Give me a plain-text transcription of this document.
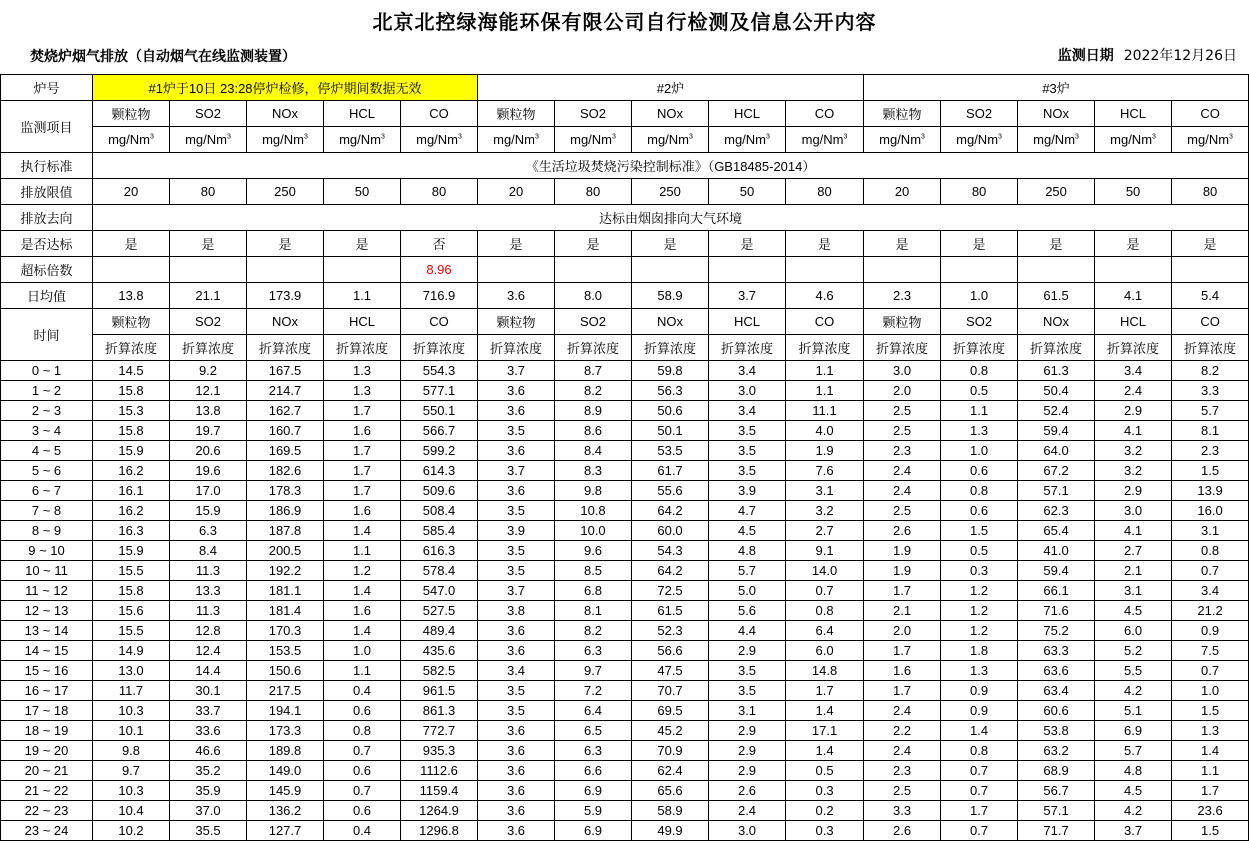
北京北控绿海能环保有限公司自行检测及信息公开内容
焚烧炉烟气排放（自动烟气在线监测装置）	监测日期 2022年12月26日
炉号	#1炉于10日 23:28停炉检修，停炉期间数据无效					#2炉					#3炉				
监测项目	颗粒物	SO2	NOx	HCL	CO	颗粒物	SO2	NOx	HCL	CO	颗粒物	SO2	NOx	HCL	CO
	mg/Nm$^3$	mg/Nm$^3$	mg/Nm$^3$	mg/Nm$^3$	mg/Nm$^3$	mg/Nm$^3$	mg/Nm$^3$	mg/Nm$^3$	mg/Nm$^3$	mg/Nm$^3$	mg/Nm$^3$	mg/Nm$^3$	mg/Nm$^3$	mg/Nm$^3$	mg/Nm$^3$
执行标准	《生活垃圾焚烧污染控制标准》（GB18485-2014）														
排放限值	20	80	250	50	80	20	80	250	50	80	20	80	250	50	80
排放去向	达标由烟囱排向大气环境														
是否达标	是	是	是	是	否	是	是	是	是	是	是	是	是	是	是
超标倍数					8.96										
日均值	13.8	21.1	173.9	1.1	716.9	3.6	8.0	58.9	3.7	4.6	2.3	1.0	61.5	4.1	5.4
时间	颗粒物	SO2	NOx	HCL	CO	颗粒物	SO2	NOx	HCL	CO	颗粒物	SO2	NOx	HCL	CO
	折算浓度	折算浓度	折算浓度	折算浓度	折算浓度	折算浓度	折算浓度	折算浓度	折算浓度	折算浓度	折算浓度	折算浓度	折算浓度	折算浓度	折算浓度
0 ~ 1	14.5	9.2	167.5	1.3	554.3	3.7	8.7	59.8	3.4	1.1	3.0	0.8	61.3	3.4	8.2
1 ~ 2	15.8	12.1	214.7	1.3	577.1	3.6	8.2	56.3	3.0	1.1	2.0	0.5	50.4	2.4	3.3
2 ~ 3	15.3	13.8	162.7	1.7	550.1	3.6	8.9	50.6	3.4	11.1	2.5	1.1	52.4	2.9	5.7
3 ~ 4	15.8	19.7	160.7	1.6	566.7	3.5	8.6	50.1	3.5	4.0	2.5	1.3	59.4	4.1	8.1
4 ~ 5	15.9	20.6	169.5	1.7	599.2	3.6	8.4	53.5	3.5	1.9	2.3	1.0	64.0	3.2	2.3
5 ~ 6	16.2	19.6	182.6	1.7	614.3	3.7	8.3	61.7	3.5	7.6	2.4	0.6	67.2	3.2	1.5
6 ~ 7	16.1	17.0	178.3	1.7	509.6	3.6	9.8	55.6	3.9	3.1	2.4	0.8	57.1	2.9	13.9
7 ~ 8	16.2	15.9	186.9	1.6	508.4	3.5	10.8	64.2	4.7	3.2	2.5	0.6	62.3	3.0	16.0
8 ~ 9	16.3	6.3	187.8	1.4	585.4	3.9	10.0	60.0	4.5	2.7	2.6	1.5	65.4	4.1	3.1
9 ~ 10	15.9	8.4	200.5	1.1	616.3	3.5	9.6	54.3	4.8	9.1	1.9	0.5	41.0	2.7	0.8
10 ~ 11	15.5	11.3	192.2	1.2	578.4	3.5	8.5	64.2	5.7	14.0	1.9	0.3	59.4	2.1	0.7
11 ~ 12	15.8	13.3	181.1	1.4	547.0	3.7	6.8	72.5	5.0	0.7	1.7	1.2	66.1	3.1	3.4
12 ~ 13	15.6	11.3	181.4	1.6	527.5	3.8	8.1	61.5	5.6	0.8	2.1	1.2	71.6	4.5	21.2
13 ~ 14	15.5	12.8	170.3	1.4	489.4	3.6	8.2	52.3	4.4	6.4	2.0	1.2	75.2	6.0	0.9
14 ~ 15	14.9	12.4	153.5	1.0	435.6	3.6	6.3	56.6	2.9	6.0	1.7	1.8	63.3	5.2	7.5
15 ~ 16	13.0	14.4	150.6	1.1	582.5	3.4	9.7	47.5	3.5	14.8	1.6	1.3	63.6	5.5	0.7
16 ~ 17	11.7	30.1	217.5	0.4	961.5	3.5	7.2	70.7	3.5	1.7	1.7	0.9	63.4	4.2	1.0
17 ~ 18	10.3	33.7	194.1	0.6	861.3	3.5	6.4	69.5	3.1	1.4	2.4	0.9	60.6	5.1	1.5
18 ~ 19	10.1	33.6	173.3	0.8	772.7	3.6	6.5	45.2	2.9	17.1	2.2	1.4	53.8	6.9	1.3
19 ~ 20	9.8	46.6	189.8	0.7	935.3	3.6	6.3	70.9	2.9	1.4	2.4	0.8	63.2	5.7	1.4
20 ~ 21	9.7	35.2	149.0	0.6	1112.6	3.6	6.6	62.4	2.9	0.5	2.3	0.7	68.9	4.8	1.1
21 ~ 22	10.3	35.9	145.9	0.7	1159.4	3.6	6.9	65.6	2.6	0.3	2.5	0.7	56.7	4.5	1.7
22 ~ 23	10.4	37.0	136.2	0.6	1264.9	3.6	5.9	58.9	2.4	0.2	3.3	1.7	57.1	4.2	23.6
23 ~ 24	10.2	35.5	127.7	0.4	1296.8	3.6	6.9	49.9	3.0	0.3	2.6	0.7	71.7	3.7	1.5
